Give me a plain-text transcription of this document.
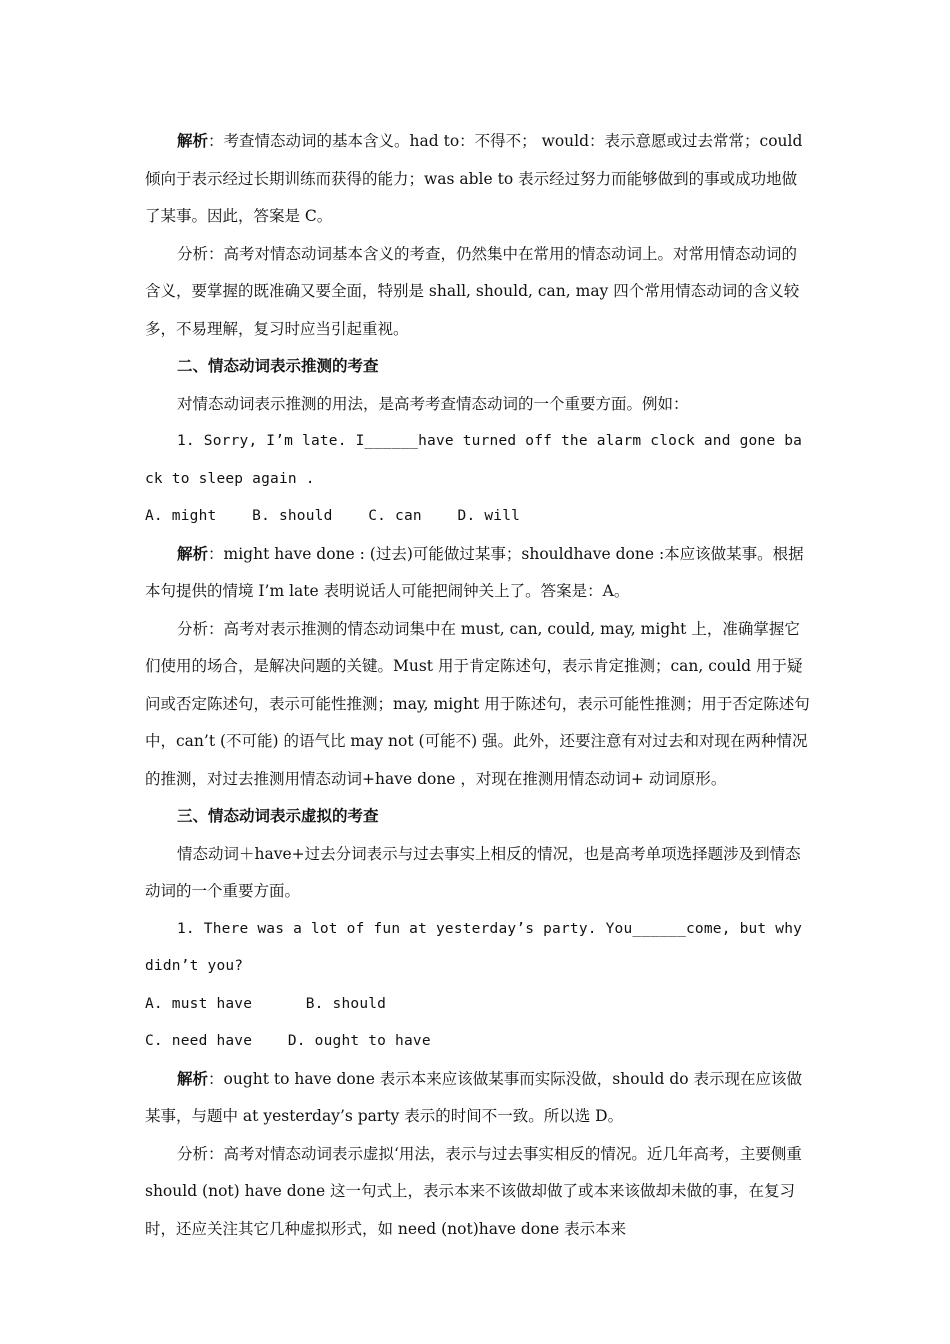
解析：考查情态动词的基本含义。had to：不得不； would：表示意愿或过去常常；could 倾向于表示经过长期训练而获得的能力；was able to 表示经过努力而能够做到的事或成功地做了某事。因此，答案是 C。

分析：高考对情态动词基本含义的考查，仍然集中在常用的情态动词上。对常用情态动词的含义，要掌握的既准确又要全面，特别是 shall, should, can, may 四个常用情态动词的含义较多，不易理解，复习时应当引起重视。

二、情态动词表示推测的考查

对情态动词表示推测的用法，是高考考查情态动词的一个重要方面。例如：

1. Sorry, I’m late. I______have turned off the alarm clock and gone back to sleep again .

A. might    B. should    C. can    D. will

解析：might have done : (过去)可能做过某事；shouldhave done :本应该做某事。根据本句提供的情境 I’m late 表明说话人可能把闹钟关上了。答案是：A。

分析：高考对表示推测的情态动词集中在 must, can, could, may, might 上，准确掌握它们使用的场合，是解决问题的关键。Must 用于肯定陈述句，表示肯定推测；can, could 用于疑问或否定陈述句，表示可能性推测；may, might 用于陈述句，表示可能性推测；用于否定陈述句中，can’t (不可能) 的语气比 may not (可能不) 强。此外，还要注意有对过去和对现在两种情况的推测，对过去推测用情态动词+have done ，对现在推测用情态动词+ 动词原形。

三、情态动词表示虚拟的考查

情态动词＋have+过去分词表示与过去事实上相反的情况，也是高考单项选择题涉及到情态动词的一个重要方面。

1. There was a lot of fun at yesterday’s party. You______come, but why didn’t you?

A. must have      B. should

C. need have    D. ought to have

解析：ought to have done 表示本来应该做某事而实际没做，should do 表示现在应该做某事，与题中 at yesterday’s party 表示的时间不一致。所以选 D。

分析：高考对情态动词表示虚拟‘用法，表示与过去事实相反的情况。近几年高考，主要侧重 should (not) have done 这一句式上，表示本来不该做却做了或本来该做却未做的事，在复习时，还应关注其它几种虚拟形式，如 need (not)have done 表示本来
